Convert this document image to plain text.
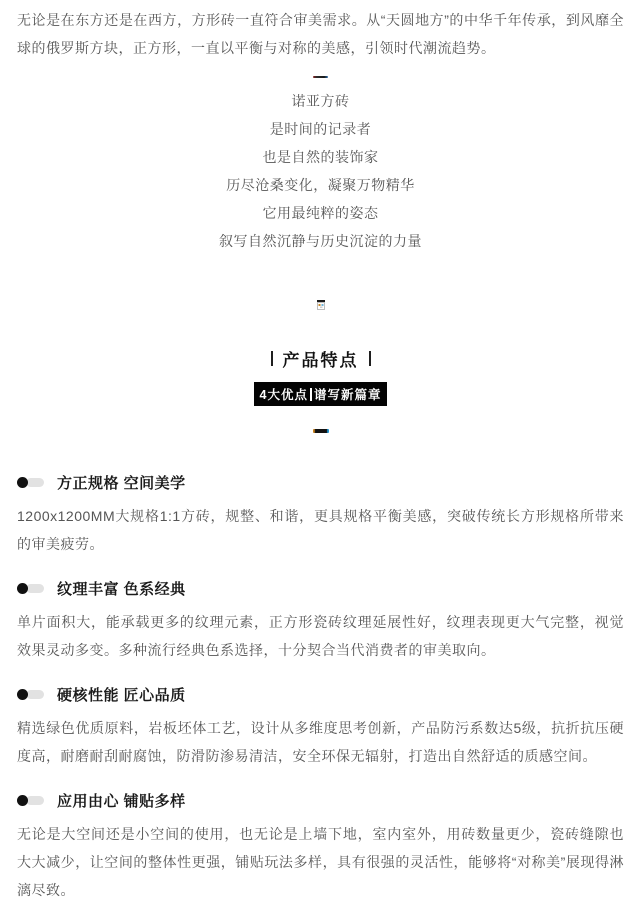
无论是在东方还是在西方，方形砖一直符合审美需求。从“天圆地方”的中华千年传承，到风靡全球的俄罗斯方块，正方形，一直以平衡与对称的美感，引领时代潮流趋势。

诺亚方砖
是时间的记录者
也是自然的装饰家
历尽沧桑变化，凝聚万物精华
它用最纯粹的姿态
叙写自然沉静与历史沉淀的力量
产品特点
4大优点 谱写新篇章
方正规格 空间美学

1200x1200MM大规格1:1方砖，规整、和谐，更具规格平衡美感，突破传统长方形规格所带来的审美疲劳。

纹理丰富 色系经典

单片面积大，能承载更多的纹理元素，正方形瓷砖纹理延展性好，纹理表现更大气完整，视觉效果灵动多变。多种流行经典色系选择，十分契合当代消费者的审美取向。

硬核性能 匠心品质

精选绿色优质原料，岩板坯体工艺，设计从多维度思考创新，产品防污系数达5级，抗折抗压硬度高，耐磨耐刮耐腐蚀，防滑防渗易清洁，安全环保无辐射，打造出自然舒适的质感空间。

应用由心 铺贴多样

无论是大空间还是小空间的使用，也无论是上墙下地，室内室外，用砖数量更少，瓷砖缝隙也大大减少，让空间的整体性更强，铺贴玩法多样，具有很强的灵活性，能够将“对称美”展现得淋漓尽致。
